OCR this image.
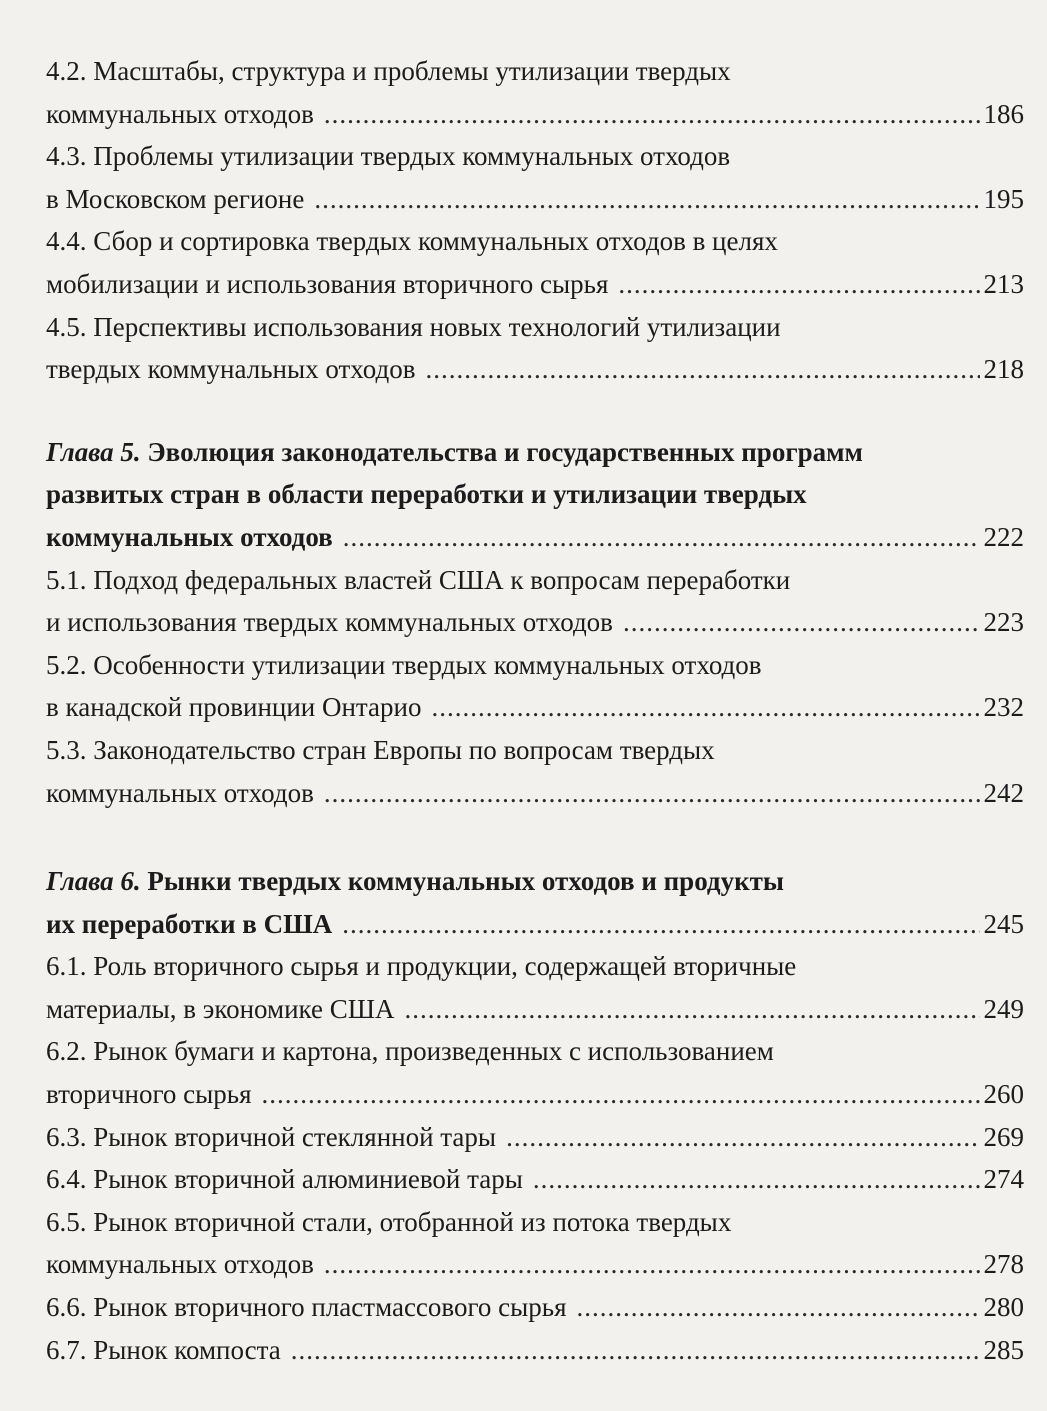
4.2. Масштабы, структура и проблемы утилизации твердых
коммунальных отходов .....	186
4.3. Проблемы утилизации твердых коммунальных отходов
в Московском регионе .....	195
4.4. Сбор и сортировка твердых коммунальных отходов в целях
мобилизации и использования вторичного сырья .....	213
4.5. Перспективы использования новых технологий утилизации
твердых коммунальных отходов .....	218
Глава 5. Эволюция законодательства и государственных программ
развитых стран в области переработки и утилизации твердых
коммунальных отходов .....	222
5.1. Подход федеральных властей США к вопросам переработки
и использования твердых коммунальных отходов .....	223
5.2. Особенности утилизации твердых коммунальных отходов
в канадской провинции Онтарио .....	232
5.3. Законодательство стран Европы по вопросам твердых
коммунальных отходов .....	242
Глава 6. Рынки твердых коммунальных отходов и продукты
их переработки в США .....	245
6.1. Роль вторичного сырья и продукции, содержащей вторичные
материалы, в экономике США .....	249
6.2. Рынок бумаги и картона, произведенных с использованием
вторичного сырья .....	260
6.3. Рынок вторичной стеклянной тары .....	269
6.4. Рынок вторичной алюминиевой тары .....	274
6.5. Рынок вторичной стали, отобранной из потока твердых
коммунальных отходов .....	278
6.6. Рынок вторичного пластмассового сырья .....	280
6.7. Рынок компоста .....	285
